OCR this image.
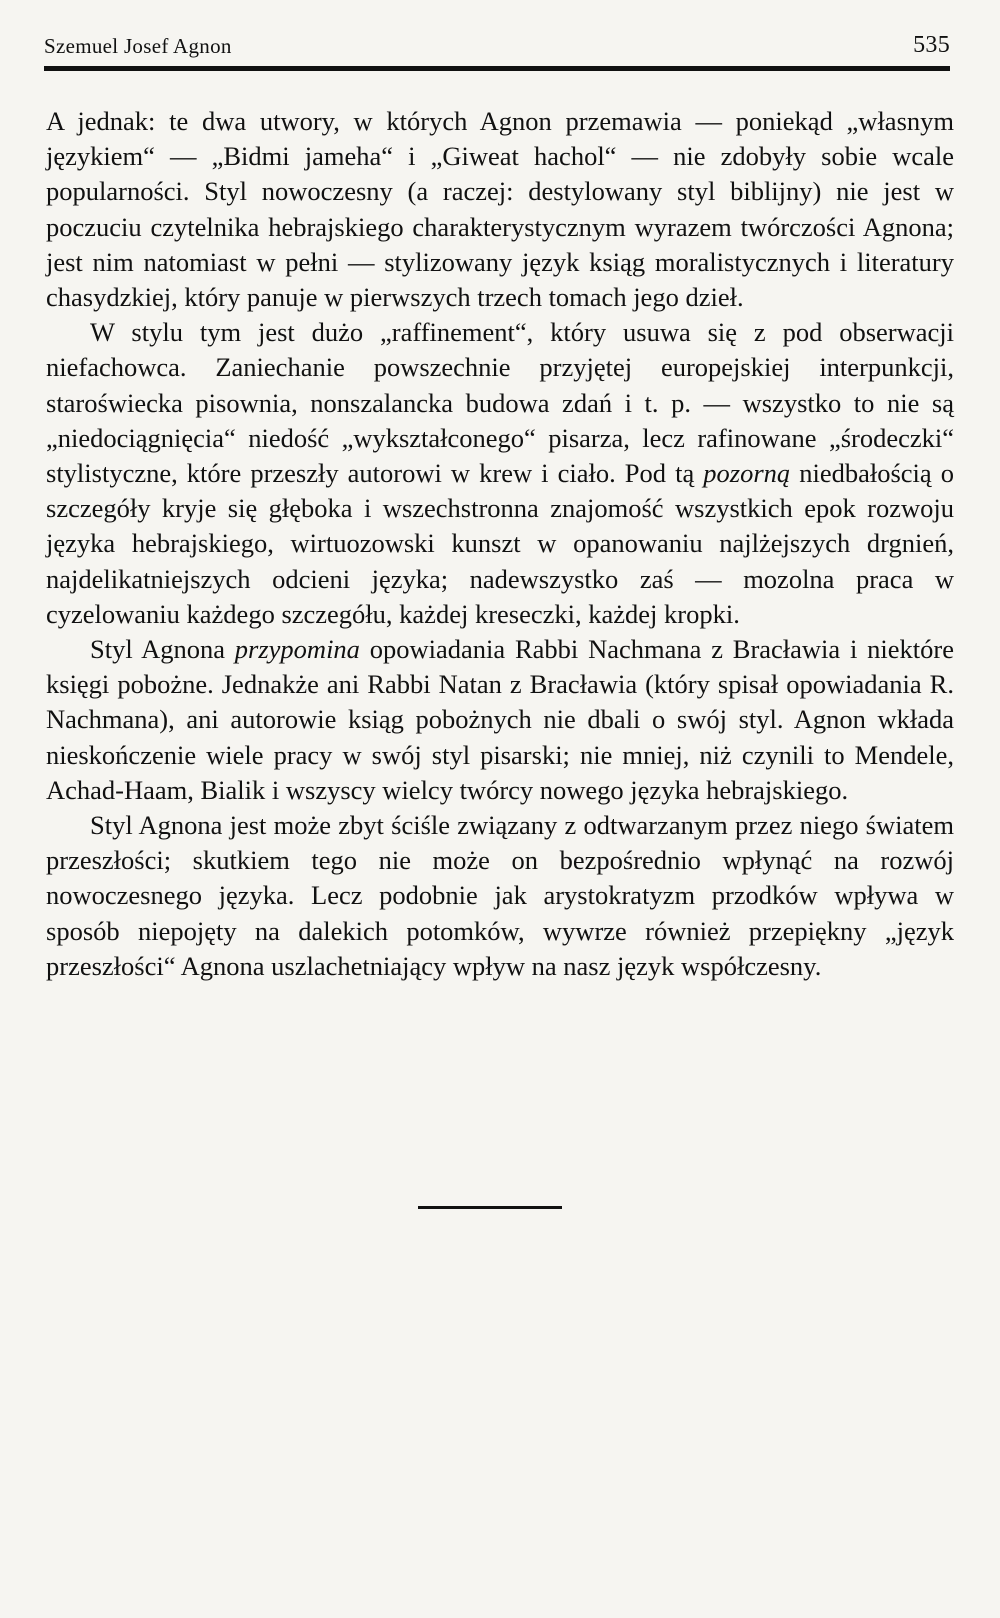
Szemuel Josef Agnon	535

A jednak: te dwa utwory, w których Agnon przemawia — poniekąd „własnym językiem“ — „Bidmi jameha“ i „Giweat hachol“ — nie zdobyły sobie wcale popularności. Styl nowoczesny (a raczej: destylowany styl biblijny) nie jest w poczuciu czytelnika hebrajskiego charakterystycznym wyrazem twórczości Agnona; jest nim natomiast w pełni — stylizowany język ksiąg moralistycznych i literatury chasydzkiej, który panuje w pierwszych trzech tomach jego dzieł.

W stylu tym jest dużo „raffinement“, który usuwa się z pod obserwacji niefachowca. Zaniechanie powszechnie przyjętej europejskiej interpunkcji, staroświecka pisownia, nonszalancka budowa zdań i t. p. — wszystko to nie są „niedociągnięcia“ niedość „wykształconego“ pisarza, lecz rafinowane „środeczki“ stylistyczne, które przeszły autorowi w krew i ciało. Pod tą pozorną niedbałością o szczegóły kryje się głęboka i wszechstronna znajomość wszystkich epok rozwoju języka hebrajskiego, wirtuozowski kunszt w opanowaniu najlżejszych drgnień, najdelikatniejszych odcieni języka; nadewszystko zaś — mozolna praca w cyzelowaniu każdego szczegółu, każdej kreseczki, każdej kropki.

Styl Agnona przypomina opowiadania Rabbi Nachmana z Bracławia i niektóre księgi pobożne. Jednakże ani Rabbi Natan z Bracławia (który spisał opowiadania R. Nachmana), ani autorowie ksiąg pobożnych nie dbali o swój styl. Agnon wkłada nieskończenie wiele pracy w swój styl pisarski; nie mniej, niż czynili to Mendele, Achad-Haam, Bialik i wszyscy wielcy twórcy nowego języka hebrajskiego.

Styl Agnona jest może zbyt ściśle związany z odtwarzanym przez niego światem przeszłości; skutkiem tego nie może on bezpośrednio wpłynąć na rozwój nowoczesnego języka. Lecz podobnie jak arystokratyzm przodków wpływa w sposób niepojęty na dalekich potomków, wywrze również przepiękny „język przeszłości“ Agnona uszlachetniający wpływ na nasz język współczesny.
